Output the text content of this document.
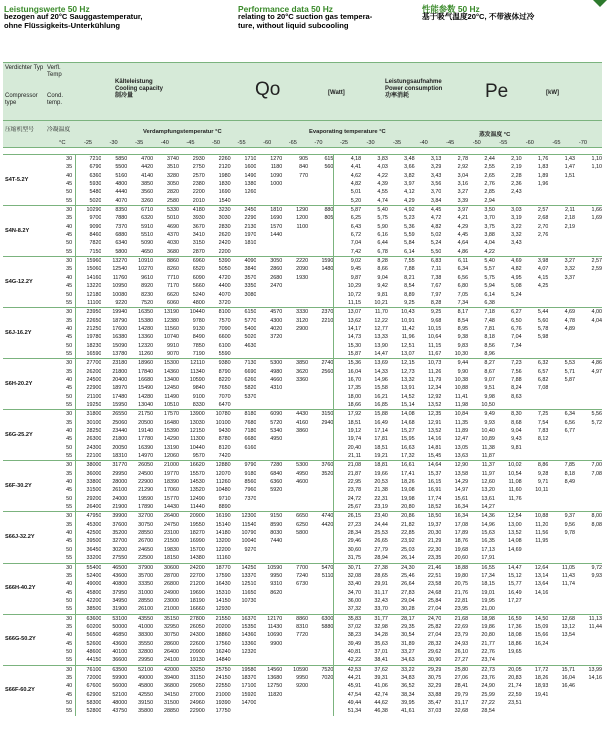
Leistungswerte 50 Hz
bezogen auf 20°C Sauggastemperatur,
ohne Flüssigkeits-Unterkühlung
Performance data 50 Hz
relating to 20°C suction gas tempera-
ture, without liquid subcooling
性能参数 50 Hz
基于吸气温度20°C, 不带液体过冷
Verdichter Typ Verfl. Temp
Compressor type
Cond. temp.
Kälteleistung
Cooling capacity
制冷量	Qo	[Watt]
Leistungsaufnahme
Power consumption
功率消耗	Pe	[kW]
压缩机型号	冷凝温度
°C
Verdampfungstemperatur °C	Evaporating temperature °C	蒸发温度 °C
-25	-30	-35	-40	-45	-50	-55	-60	-65	-70	-25	-30	-35	-40	-45	-50	-55	-60	-65	-70
S4T-5.2Y	30	7210	5850	4700	3740	2930	2260	1710	1270	905	615	4,18	3,83	3,48	3,13	2,78	2,44	2,10	1,76	1,43	1,10
	35	6790	5500	4420	3510	2750	2120	1600	1180	840	560	4,41	4,03	3,66	3,29	2,92	2,55	2,19	1,83	1,47	1,10
	40	6360	5160	4140	3280	2570	1980	1490	1090	770		4,62	4,22	3,82	3,43	3,04	2,65	2,28	1,89	1,51	
	45	5930	4800	3850	3050	2380	1830	1380	1000			4,82	4,39	3,97	3,56	3,16	2,76	2,36	1,96		
	50	5480	4440	3560	2820	2200	1690	1260				5,01	4,55	4,12	3,70	3,27	2,85	2,43			
	55	5020	4070	3260	2580	2010	1540					5,20	4,74	4,29	3,84	3,39	2,94				
S4N-8.2Y	30	10290	8350	6710	5330	4180	3230	2450	1810	1290	880	5,87	5,40	4,92	4,45	3,97	3,50	3,03	2,57	2,11	1,66
	35	9700	7880	6320	5010	3930	3030	2290	1690	1200	805	6,25	5,75	5,23	4,72	4,21	3,70	3,19	2,68	2,18	1,69
	40	9090	7370	5910	4690	3670	2830	2130	1570	1100		6,43	5,90	5,36	4,82	4,29	3,75	3,22	2,70	2,19	
	45	8460	6880	5510	4370	3410	2620	1970	1440			6,72	6,16	5,59	5,02	4,45	3,88	3,32	2,76		
	50	7820	6340	5090	4030	3150	2420	1810				7,04	6,44	5,84	5,24	4,64	4,04	3,43			
	55	7150	5800	4650	3680	2870	2200					7,42	6,78	6,14	5,50	4,86	4,22				
S4G-12.2Y	30	15960	13270	10910	8860	6960	5390	4090	3050	2220	1590	9,02	8,28	7,55	6,83	6,11	5,40	4,69	3,98	3,27	2,57
	35	15060	12540	10270	8260	6520	5050	3840	2860	2090	1480	9,45	8,66	7,88	7,11	6,34	5,57	4,82	4,07	3,32	2,59
	40	14160	11760	9610	7710	6090	4720	3570	2680	1930		9,87	9,04	8,21	7,38	6,56	5,75	4,95	4,15	3,37	
	45	13220	10950	8920	7170	5660	4400	3350	2470			10,29	9,42	8,54	7,67	6,80	5,94	5,08	4,25		
	50	12180	10080	8230	6620	5240	4070	3080				10,72	9,81	8,89	7,97	7,05	6,14	5,24			
	55	11100	9220	7520	6060	4800	3720					11,15	10,21	9,25	8,28	7,34	6,38				
S6J-16.2Y	30	23950	19940	16350	13190	10440	8100	6150	4570	3330	2370	13,07	11,70	10,43	9,25	8,17	7,18	6,27	5,44	4,69	4,00
	35	22650	18790	15380	12380	9780	7570	5770	4300	3120	2210	13,62	12,22	10,91	9,68	8,54	7,48	6,50	5,60	4,78	4,04
	40	21250	17600	14280	11560	9130	7090	5400	4020	2900		14,17	12,77	11,42	10,15	8,95	7,81	6,76	5,78	4,89	
	45	19780	16380	13360	10740	8490	6600	5020	3720			14,73	13,33	11,96	10,64	9,38	8,18	7,04	5,98		
	50	18230	15090	12320	9910	7850	6100	4630				15,30	13,90	12,51	11,15	9,83	8,56	7,34			
	55	16590	13780	11260	9070	7190	5590					15,87	14,47	13,07	11,67	10,30	8,96				
S6H-20.2Y	30	27700	23180	18960	15300	12110	9380	7130	5300	3850	2740	15,36	13,69	12,15	10,73	9,44	8,27	7,23	6,32	5,53	4,86
	35	26200	21800	17840	14360	11340	8790	6690	4980	3620	2560	16,04	14,33	12,73	11,26	9,90	8,67	7,56	6,57	5,71	4,97
	40	24500	20400	16680	13400	10590	8220	6260	4660	3360		16,70	14,96	13,32	11,79	10,38	9,07	7,88	6,82	5,87	
	45	22900	18970	15490	12450	9840	7650	5820	4310			17,35	15,58	13,91	12,34	10,88	9,51	8,24	7,08		
	50	21100	17480	14280	11490	9100	7070	5370				18,00	16,21	14,52	12,92	11,41	9,98	8,63			
	55	19250	15950	13040	10510	8330	6470					18,66	16,85	15,14	13,52	11,98	10,50				
S6G-25.2Y	30	31800	26550	21750	17570	13900	10780	8180	6090	4430	3150	17,92	15,88	14,08	12,35	10,84	9,49	8,30	7,25	6,34	5,56
	35	30100	25060	20500	16480	13030	10100	7680	5720	4160	2940	18,51	16,49	14,68	12,91	11,35	9,93	8,68	7,54	6,56	5,72
	40	28250	23440	19140	15390	12150	9430	7180	5340	3860		19,12	17,14	15,27	13,52	11,89	10,40	9,04	7,83	6,77	
	45	26300	21800	17780	14290	11300	8780	6680	4950			19,74	17,81	15,95	14,16	12,47	10,89	9,43	8,12		
	50	24300	20050	16390	13190	10440	8120	6160				20,40	18,51	16,63	14,81	13,05	11,38	9,81			
	55	22100	18310	14970	12060	9570	7420					21,11	19,21	17,32	15,45	13,63	11,87				
S6F-30.2Y	30	38000	31770	26050	21000	16620	12880	9790	7280	5300	3760	21,08	18,81	16,61	14,64	12,90	11,37	10,02	8,86	7,85	7,00
	35	36000	29950	24500	19770	15570	12070	9180	6840	4950	3520	21,87	19,66	17,41	15,37	13,58	11,97	10,54	9,28	8,18	7,08
	40	33800	28000	22900	18390	14530	11260	8560	6360	4600		22,95	20,53	18,26	16,15	14,29	12,60	11,08	9,71	8,49	
	45	31500	26100	21290	17060	13520	10480	7960	5920			23,78	21,38	19,08	16,91	14,97	13,20	11,60	10,11		
	50	29200	24000	19590	15770	12490	9710	7370				24,72	22,31	19,98	17,74	15,61	13,61	11,76			
	55	26400	21900	17890	14430	11440	8890					25,67	23,19	20,80	18,52	16,34	14,27				
S66J-32.2Y	30	47950	39900	32700	26400	20900	16190	12300	9150	6650	4740	26,15	23,40	20,86	18,50	16,34	14,36	12,54	10,88	9,37	8,00
	35	45300	37600	30750	24750	19550	15140	11540	8590	6250	4420	27,23	24,44	21,82	19,37	17,08	14,96	13,00	11,20	9,56	8,08
	40	42500	35200	28550	23100	18270	14180	10790	8030	5800		28,34	25,53	22,85	20,30	17,89	15,63	13,52	11,56	9,78	
	45	39500	32700	26700	21500	16990	13200	10040	7440			29,46	26,65	23,92	21,29	18,76	16,35	14,08	11,95		
	50	36450	30200	24650	19830	15700	12200	9270				30,60	27,79	25,03	22,30	19,68	17,13	14,69			
	55	33200	27550	22500	18150	14380	11160					31,75	28,94	26,14	23,35	20,60	17,91				
S66H-40.2Y	30	55400	46500	37900	30600	24200	18770	14250	10590	7700	5470	30,71	27,38	24,30	21,46	18,88	16,55	14,47	12,64	11,05	9,72
	35	52400	43600	35700	28700	22700	17590	13370	9950	7240	5110	32,08	28,65	25,46	22,51	19,80	17,34	15,12	13,14	11,43	9,93
	40	49000	40800	33350	26800	21200	16430	12510	9310	6730		33,40	29,91	26,64	23,58	20,75	18,15	15,77	13,64	11,74	
	45	45800	37950	31000	24900	19690	15310	11650	8620			34,70	31,17	27,83	24,68	21,76	19,01	16,49	14,16		
	50	42200	34950	28550	23000	18190	14150	10730				36,00	32,43	29,04	25,84	22,81	19,95	17,27			
	55	38500	31900	26100	21000	16660	12930					37,32	33,70	30,28	27,04	23,95	21,00				
S66G-50.2Y	30	63600	53100	43550	35150	27800	21550	16370	12170	8860	6300	35,83	31,77	28,17	24,70	21,68	18,98	16,59	14,50	12,68	11,13
	35	60200	50000	41000	32950	26050	20200	15350	11430	8310	5880	37,02	32,98	29,35	25,82	22,69	19,86	17,36	15,09	13,12	11,44
	40	56500	46850	38300	30750	24300	18860	14360	10690	7720		38,23	34,28	30,54	27,04	23,79	20,80	18,08	15,66	13,54	
	45	52600	43600	35550	28600	22600	17560	13360	9900			39,49	35,63	31,89	28,32	24,93	21,77	18,86	16,24		
	50	48600	40100	32800	26400	20900	16240	12320				40,81	37,01	33,27	29,62	26,10	22,76	19,65			
	55	44150	36600	29950	24100	19130	14840					42,22	38,41	34,63	30,90	27,27	23,74				
S66F-60.2Y	30	76100	63500	52100	42000	33250	25750	19580	14560	10590	7520	42,53	37,62	33,22	29,29	25,80	22,73	20,05	17,72	15,71	13,99
	35	72000	59900	49000	39400	31150	24150	18370	13680	9950	7020	44,21	39,31	34,83	30,75	27,06	23,76	20,83	18,26	16,04	14,16
	40	67600	56000	45800	36800	29050	22550	17100	12750	9200		45,91	41,06	36,52	32,29	28,41	24,90	21,74	18,93	16,46	
	45	62900	52100	42550	34150	27000	21000	15920	11820			47,54	42,74	38,34	33,88	29,79	25,99	22,59	19,41		
	50	58300	48000	39150	31500	24960	19390	14700				49,44	44,62	39,95	35,47	31,17	27,22	23,51			
	55	52800	43750	35800	28850	22900	17750					51,34	46,38	41,61	37,03	32,68	28,54				
